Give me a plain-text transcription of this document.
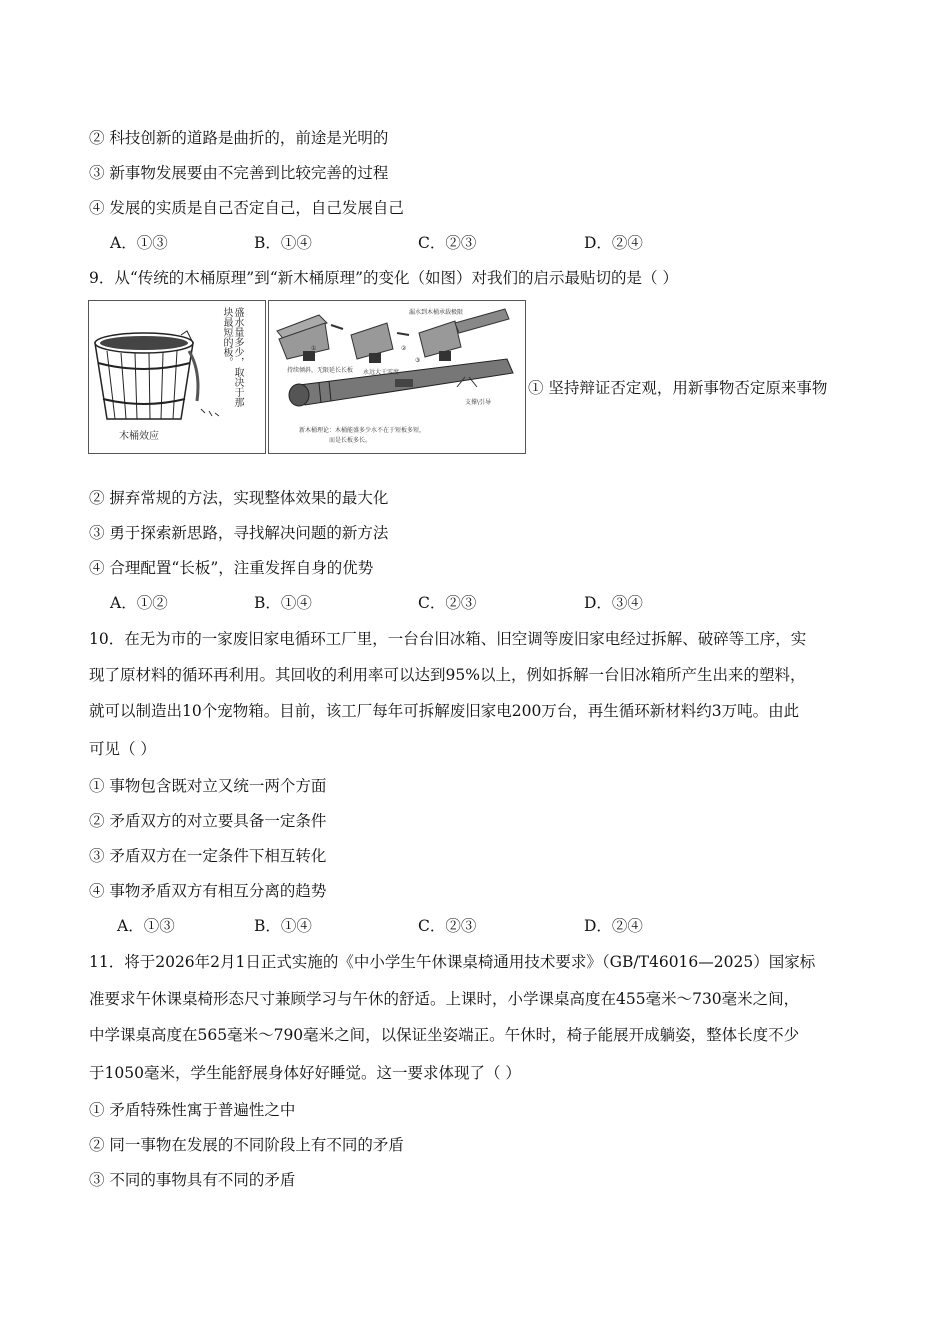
② 科技创新的道路是曲折的，前途是光明的
③ 新事物发展要由不完善到比较完善的过程
④ 发展的实质是自己否定自己，自己发展自己
A．①③	B．①④	C．②③	D．②④
9．从“传统的木桶原理”到“新木桶原理”的变化（如图）对我们的启示最贴切的是（ ）
盛水量多少，取决于那块最短的板。
木桶效应
漏水到木桶承载极限
持续倾斜，无限延长长板 永远大于零度
支撑\引导
①	②
③
新木桶理论：木桶能盛多少水不在于短板多短，
而是长板多长。
① 坚持辩证否定观，用新事物否定原来事物
② 摒弃常规的方法，实现整体效果的最大化
③ 勇于探索新思路，寻找解决问题的新方法
④ 合理配置“长板”，注重发挥自身的优势
A．①②	B．①④	C．②③	D．③④
10．在无为市的一家废旧家电循环工厂里，一台台旧冰箱、旧空调等废旧家电经过拆解、破碎等工序，实
现了原材料的循环再利用。其回收的利用率可以达到95%以上，例如拆解一台旧冰箱所产生出来的塑料，
就可以制造出10个宠物箱。目前，该工厂每年可拆解废旧家电200万台，再生循环新材料约3万吨。由此
可见（ ）
① 事物包含既对立又统一两个方面
② 矛盾双方的对立要具备一定条件
③ 矛盾双方在一定条件下相互转化
④ 事物矛盾双方有相互分离的趋势
A．①③	B．①④	C．②③	D．②④
11．将于2026年2月1日正式实施的《中小学生午休课桌椅通用技术要求》（GB/T46016—2025）国家标
准要求午休课桌椅形态尺寸兼顾学习与午休的舒适。上课时，小学课桌高度在455毫米～730毫米之间，
中学课桌高度在565毫米～790毫米之间，以保证坐姿端正。午休时，椅子能展开成躺姿，整体长度不少
于1050毫米，学生能舒展身体好好睡觉。这一要求体现了（ ）
① 矛盾特殊性寓于普遍性之中
② 同一事物在发展的不同阶段上有不同的矛盾
③ 不同的事物具有不同的矛盾
